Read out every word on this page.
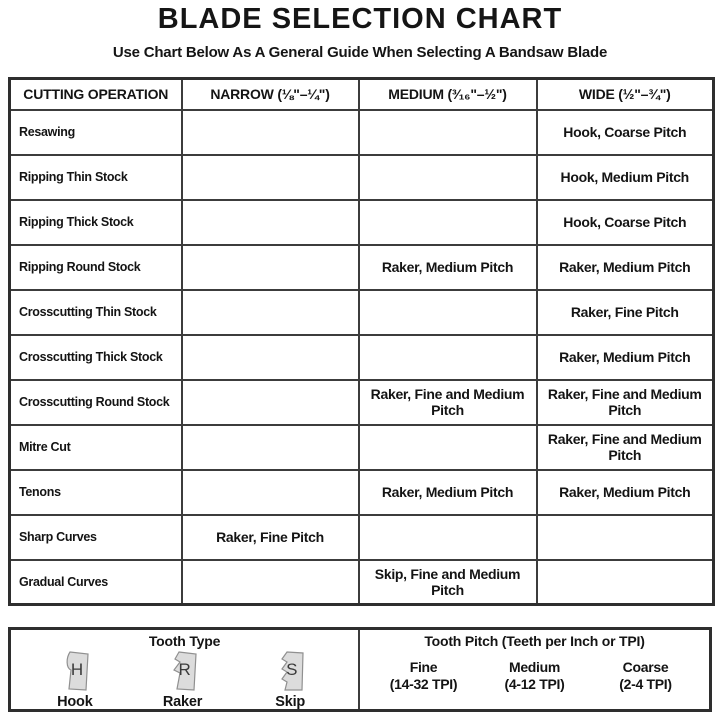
BLADE SELECTION CHART
Use Chart Below As A General Guide When Selecting A Bandsaw Blade
CUTTING OPERATION	NARROW (⅛"–¼")	MEDIUM (³⁄₁₆"–½")	WIDE (½"–¾")
Resawing			Hook, Coarse Pitch
Ripping Thin Stock			Hook, Medium Pitch
Ripping Thick Stock			Hook, Coarse Pitch
Ripping Round Stock		Raker, Medium Pitch	Raker, Medium Pitch
Crosscutting Thin Stock			Raker, Fine Pitch
Crosscutting Thick Stock			Raker, Medium Pitch
Crosscutting Round Stock		Raker, Fine and Medium Pitch	Raker, Fine and Medium Pitch
Mitre Cut			Raker, Fine and Medium Pitch
Tenons		Raker, Medium Pitch	Raker, Medium Pitch
Sharp Curves	Raker, Fine Pitch		
Gradual Curves		Skip, Fine and Medium Pitch	
Tooth Type
H
Hook
R
Raker
S
Skip
Tooth Pitch (Teeth per Inch or TPI)
Fine
(14-32 TPI)
Medium
(4-12 TPI)
Coarse
(2-4 TPI)
